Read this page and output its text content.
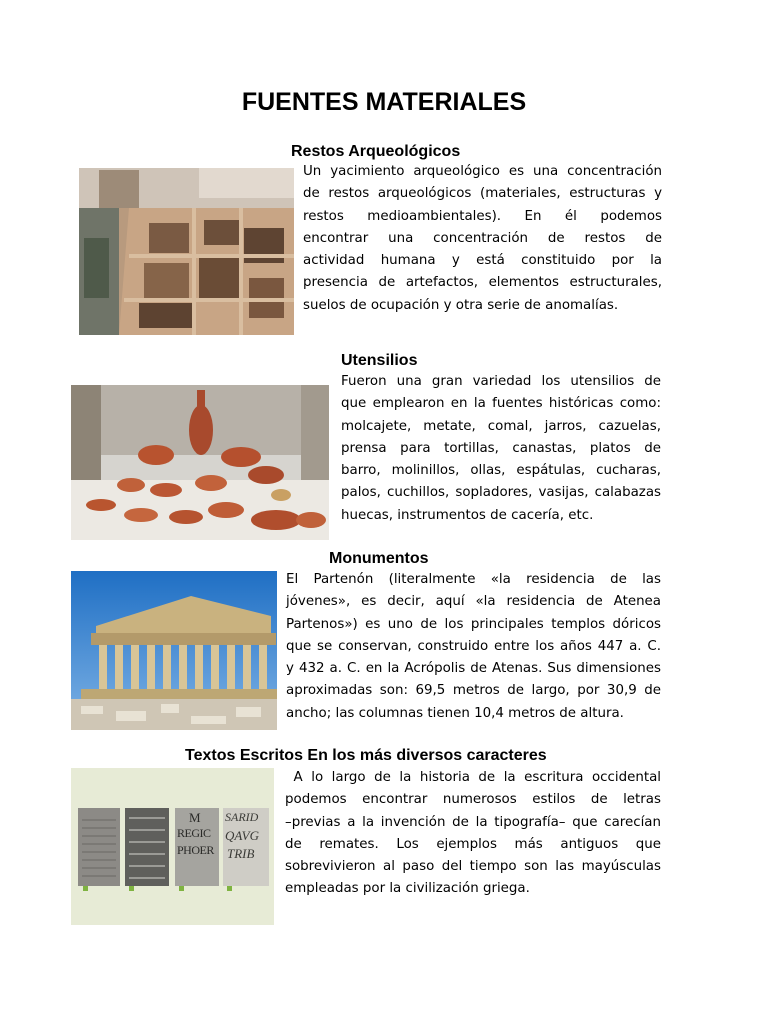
FUENTES MATERIALES
Restos Arqueológicos
Un yacimiento arqueológico es una concentración
de restos arqueológicos (materiales, estructuras y
restos medioambientales). En él podemos
encontrar una concentración de restos de
actividad humana y está constituido por la
presencia de artefactos, elementos estructurales,
suelos de ocupación y otra serie de anomalías.
Utensilios
Fueron una gran variedad los utensilios de
que emplearon en la fuentes históricas como:
molcajete, metate, comal, jarros, cazuelas,
prensa para tortillas, canastas, platos de
barro, molinillos, ollas, espátulas, cucharas,
palos, cuchillos, sopladores, vasijas, calabazas
huecas, instrumentos de cacería, etc.
Monumentos
El Partenón (literalmente «la residencia de las
jóvenes», es decir, aquí «la residencia de Atenea
Partenos») es uno de los principales templos dóricos
que se conservan, construido entre los años 447 a. C.
y 432 a. C. en la Acrópolis de Atenas. Sus dimensiones
aproximadas son: 69,5 metros de largo, por 30,9 de
ancho; las columnas tienen 10,4 metros de altura.
Textos Escritos En los más diversos caracteres
M
REGIC
PHOER
SARID
QAVG
TRIB
A lo largo de la historia de la escritura occidental
podemos encontrar numerosos estilos de letras
–previas a la invención de la tipografía– que carecían
de remates. Los ejemplos más antiguos que
sobrevivieron al paso del tiempo son las mayúsculas
empleadas por la civilización griega.
